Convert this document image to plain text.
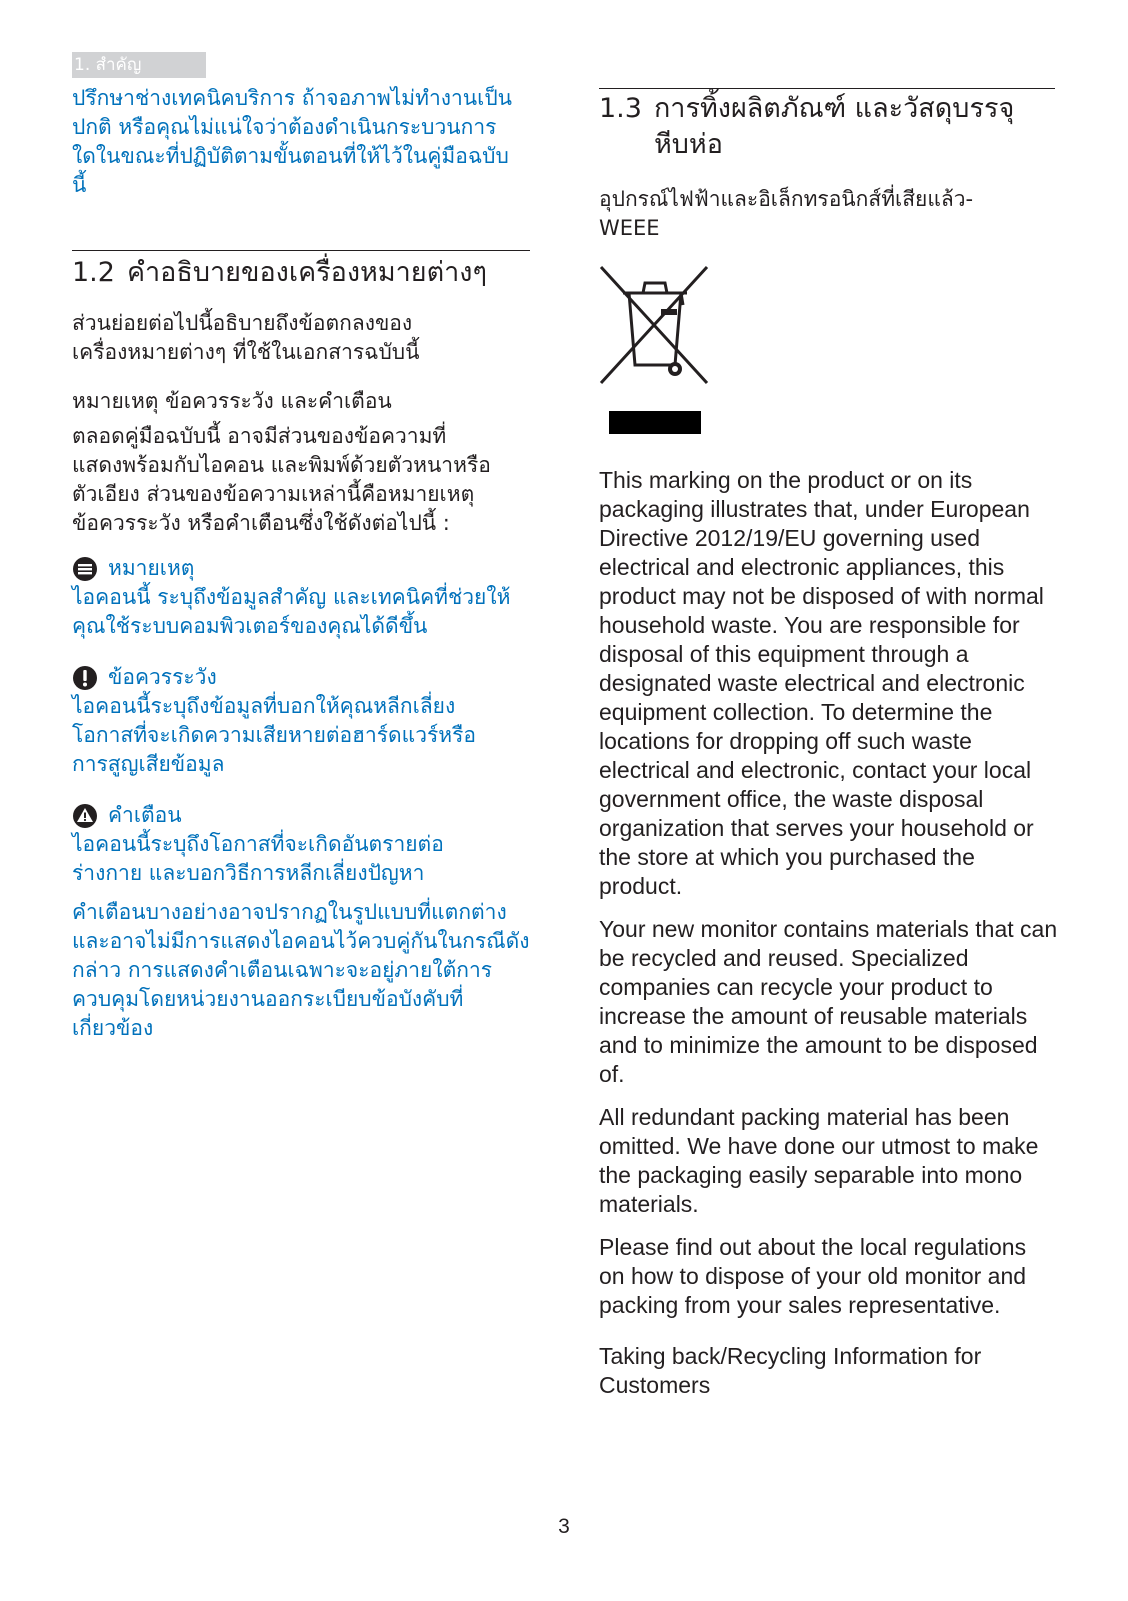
1. สำคัญ

ปรึกษาช่างเทคนิคบริการ ถ้าจอภาพไม่ทำงานเป็นปกติ หรือคุณไม่แน่ใจว่าต้องดำเนินกระบวนการใดในขณะที่ปฏิบัติตามขั้นตอนที่ให้ไว้ในคู่มือฉบับนี้

1.2 คำอธิบายของเครื่องหมายต่างๆ

ส่วนย่อยต่อไปนี้อธิบายถึงข้อตกลงของเครื่องหมายต่างๆ ที่ใช้ในเอกสารฉบับนี้

หมายเหตุ ข้อควรระวัง และคำเตือน

ตลอดคู่มือฉบับนี้ อาจมีส่วนของข้อความที่แสดงพร้อมกับไอคอน และพิมพ์ด้วยตัวหนาหรือตัวเอียง ส่วนของข้อความเหล่านี้คือหมายเหตุ ข้อควรระวัง หรือคำเตือนซึ่งใช้ดังต่อไปนี้ :

หมายเหตุ

ไอคอนนี้ ระบุถึงข้อมูลสำคัญ และเทคนิคที่ช่วยให้คุณใช้ระบบคอมพิวเตอร์ของคุณได้ดีขึ้น

ข้อควรระวัง

ไอคอนนี้ระบุถึงข้อมูลที่บอกให้คุณหลีกเลี่ยงโอกาสที่จะเกิดความเสียหายต่อฮาร์ดแวร์หรือการสูญเสียข้อมูล

คำเตือน

ไอคอนนี้ระบุถึงโอกาสที่จะเกิดอันตรายต่อร่างกาย และบอกวิธีการหลีกเลี่ยงปัญหา

คำเตือนบางอย่างอาจปรากฏในรูปแบบที่แตกต่าง และอาจไม่มีการแสดงไอคอนไว้ควบคู่กันในกรณีดังกล่าว การแสดงคำเตือนเฉพาะจะอยู่ภายใต้การควบคุมโดยหน่วยงานออกระเบียบข้อบังคับที่เกี่ยวข้อง

1.3 การทิ้งผลิตภัณฑ์ และวัสดุบรรจุหีบห่อ

อุปกรณ์ไฟฟ้าและอิเล็กทรอนิกส์ที่เสียแล้ว-
WEEE

This marking on the product or on its packaging illustrates that, under European Directive 2012/19/EU governing used electrical and electronic appliances, this product may not be disposed of with normal household waste. You are responsible for disposal of this equipment through a designated waste electrical and electronic equipment collection. To determine the locations for dropping off such waste electrical and electronic, contact your local government office, the waste disposal organization that serves your household or the store at which you purchased the product.

Your new monitor contains materials that can be recycled and reused. Specialized companies can recycle your product to increase the amount of reusable materials and to minimize the amount to be disposed of.

All redundant packing material has been omitted. We have done our utmost to make the packaging easily separable into mono materials.

Please find out about the local regulations on how to dispose of your old monitor and packing from your sales representative.

Taking back/Recycling Information for Customers

3
